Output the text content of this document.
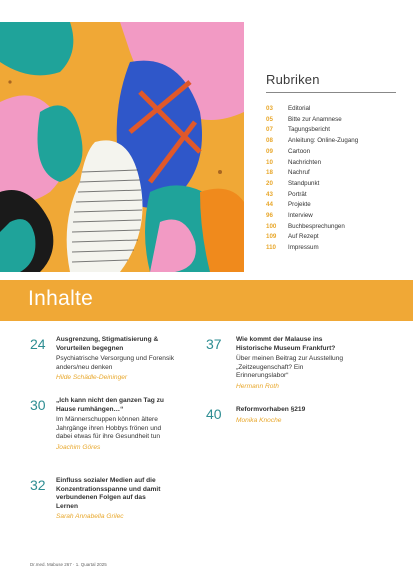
Rubriken
03	Editorial
05	Bitte zur Anamnese
07	Tagungsbericht
08	Anleitung: Online-Zugang
09	Cartoon
10	Nachrichten
18	Nachruf
20	Standpunkt
43	Porträt
44	Projekte
96	Interview
100	Buchbesprechungen
109	Auf Rezept
110	Impressum
Inhalte
24 Ausgrenzung, Stigmatisierung & Vorurteilen begegnen
Psychiatrische Versorgung und Forensik anders/neu denken
Hilde Schädle-Deininger
30 „Ich kann nicht den ganzen Tag zu Hause rumhängen…“
Im Männerschuppen können ältere Jahrgänge ihren Hobbys frönen und dabei etwas für ihre Gesundheit tun
Joachim Göres
32 Einfluss sozialer Medien auf die Konzentrationsspanne und damit verbundenen Folgen auf das Lernen
Sarah Annabella Grilec
37 Wie kommt der Malause ins Historische Museum Frankfurt?
Über meinen Beitrag zur Ausstellung „Zeitzeugenschaft? Ein Erinnerungslabor“
Hermann Roth
40 Reformvorhaben §219
Monika Knoche
Dr.med. Mabuse 267 · 1. Quartal 2025
